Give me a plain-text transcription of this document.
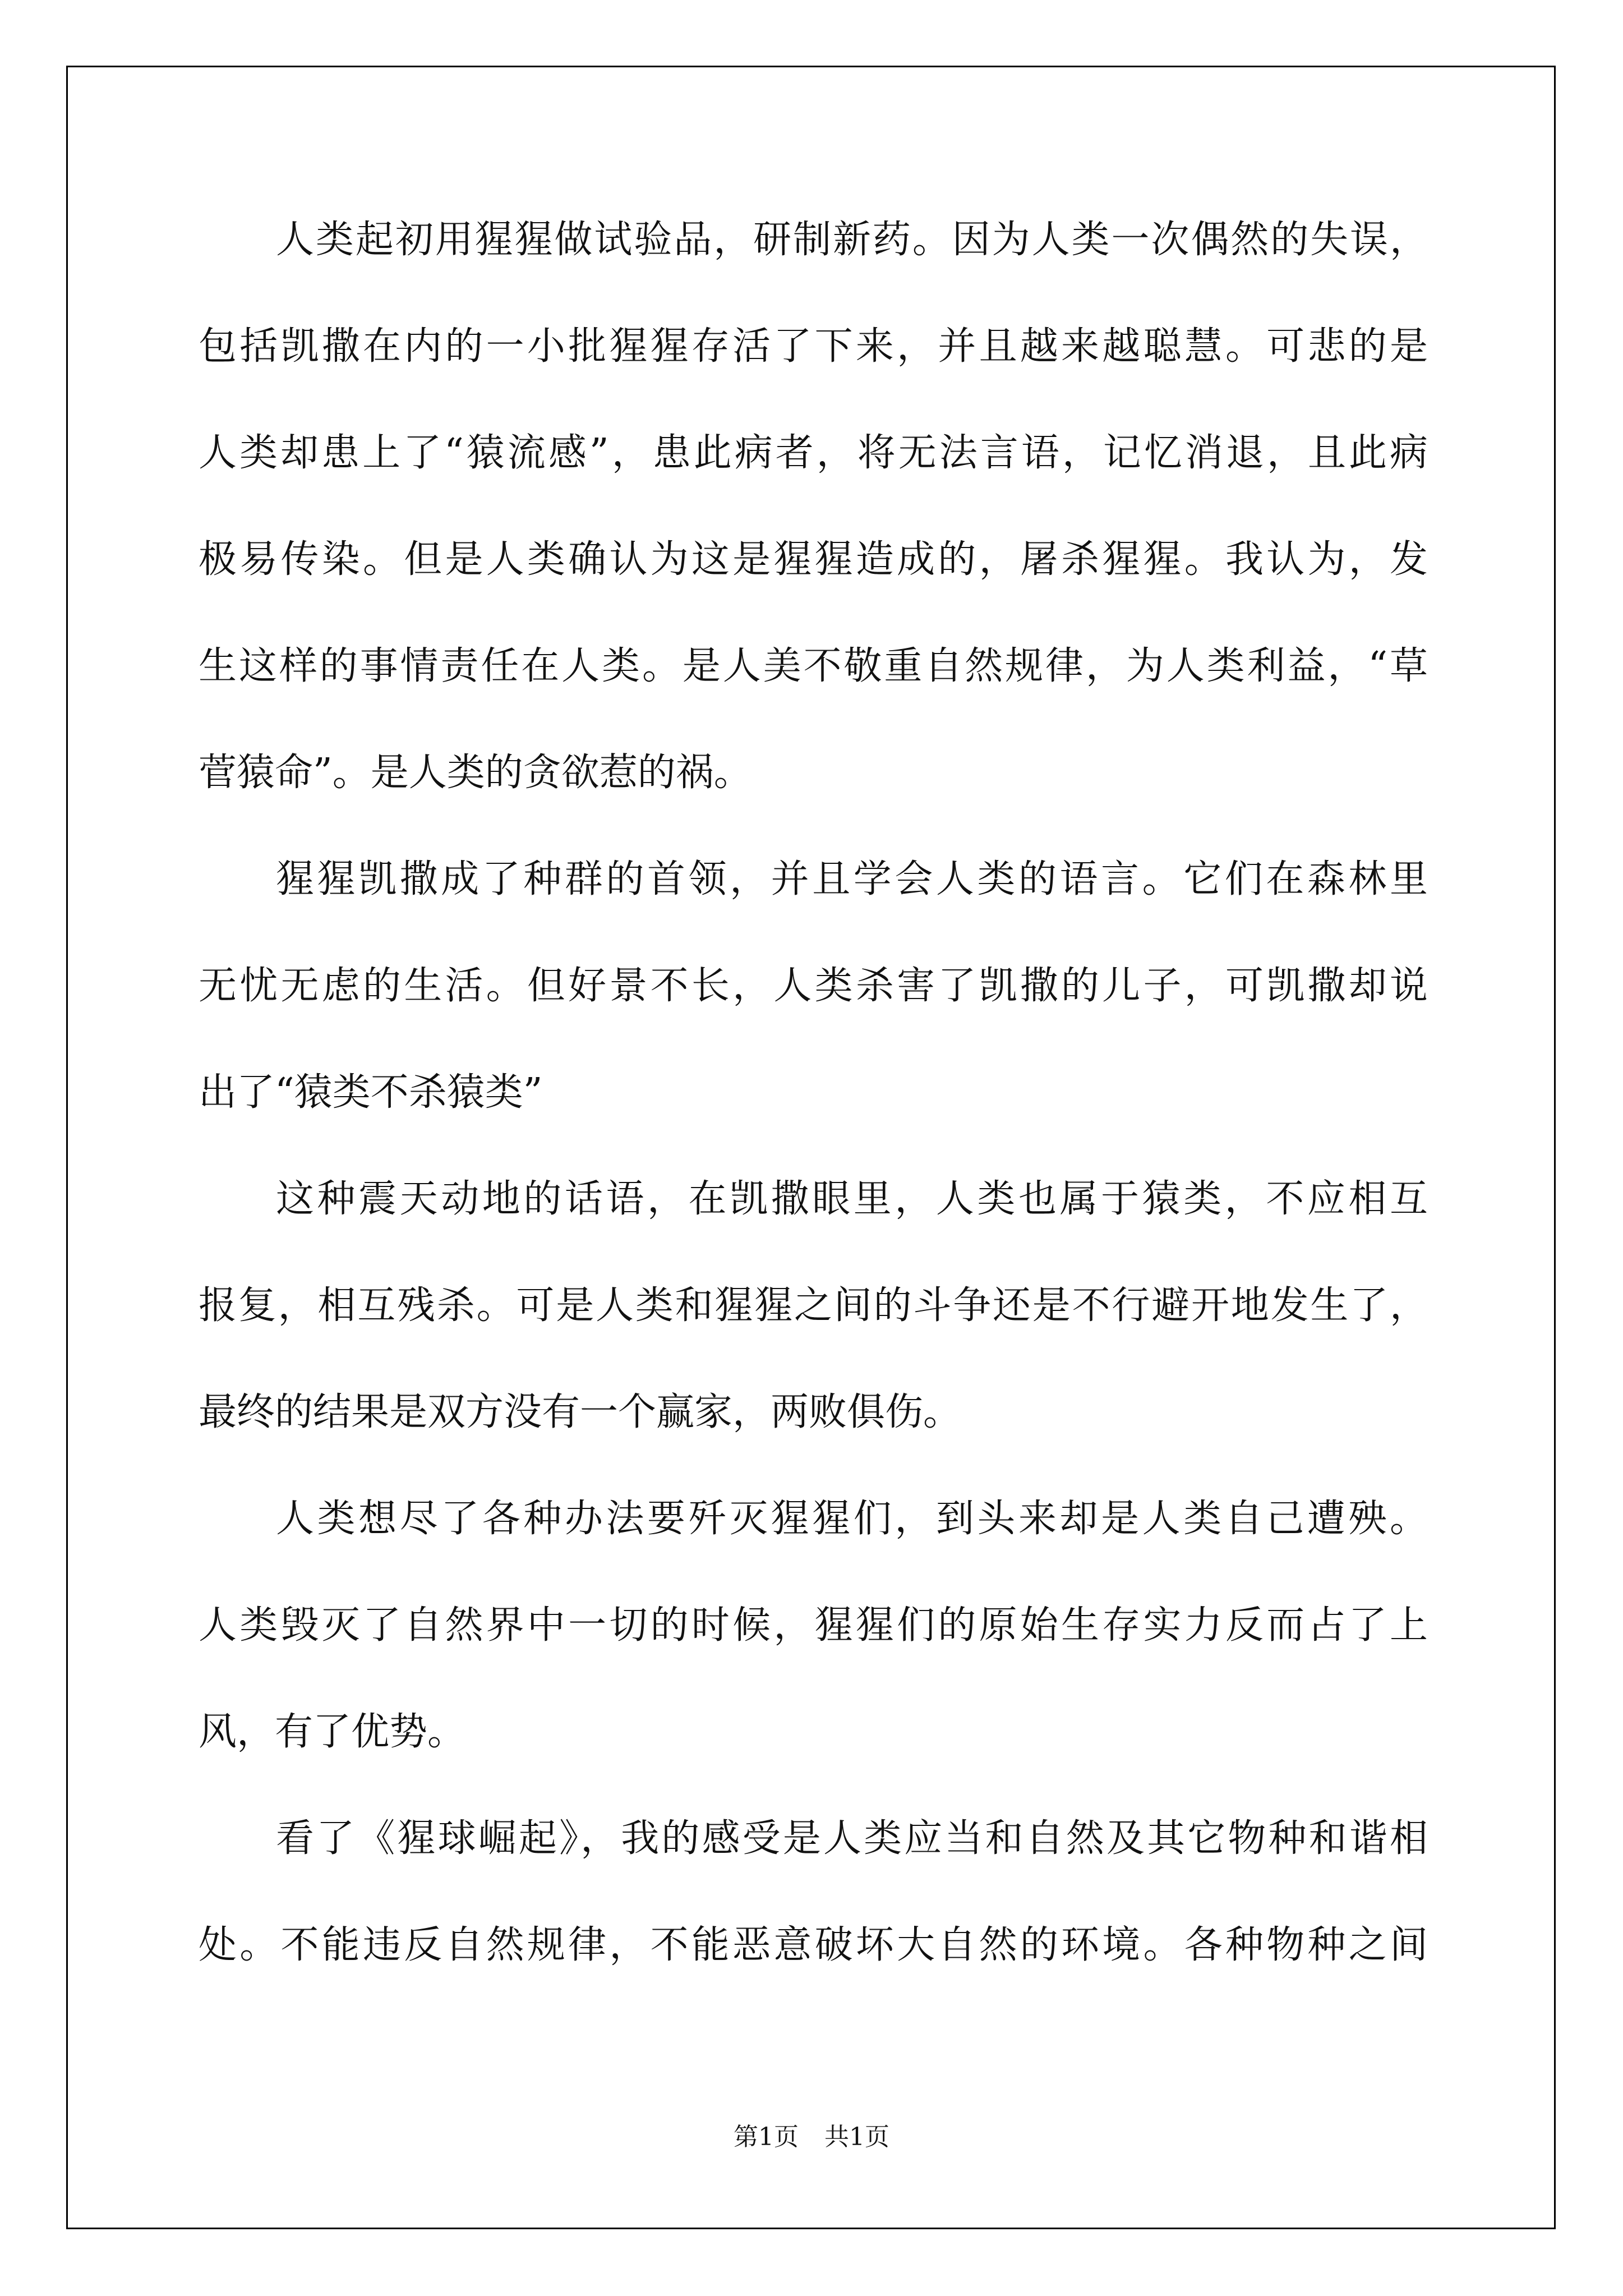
人类起初用猩猩做试验品，研制新药。因为人类一次偶然的失误，
包括凯撒在内的一小批猩猩存活了下来，并且越来越聪慧。可悲的是
人类却患上了“猿流感”，患此病者，将无法言语，记忆消退，且此病
极易传染。但是人类确认为这是猩猩造成的，屠杀猩猩。我认为，发
生这样的事情责任在人类。是人美不敬重自然规律，为人类利益，“草
菅猿命”。是人类的贪欲惹的祸。
猩猩凯撒成了种群的首领，并且学会人类的语言。它们在森林里
无忧无虑的生活。但好景不长，人类杀害了凯撒的儿子，可凯撒却说
出了“猿类不杀猿类”
这种震天动地的话语，在凯撒眼里，人类也属于猿类，不应相互
报复，相互残杀。可是人类和猩猩之间的斗争还是不行避开地发生了，
最终的结果是双方没有一个赢家，两败俱伤。
人类想尽了各种办法要歼灭猩猩们，到头来却是人类自己遭殃。
人类毁灭了自然界中一切的时候，猩猩们的原始生存实力反而占了上
风，有了优势。
看了《猩球崛起》，我的感受是人类应当和自然及其它物种和谐相
处。不能违反自然规律，不能恶意破坏大自然的环境。各种物种之间
第1页 共1页
